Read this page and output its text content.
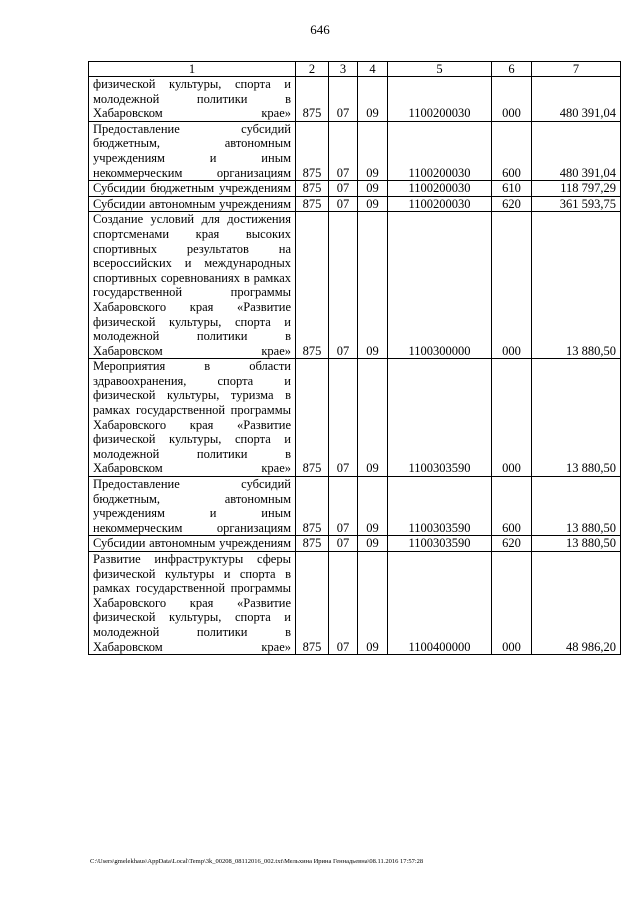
646
1	2	3	4	5	6	7
физической культуры, спорта и молодежной политики в Хабаровском крае»	875	07	09	1100200030	000	480 391,04
Предоставление субсидий бюджетным, автономным учреждениям и иным некоммерческим организациям	875	07	09	1100200030	600	480 391,04
Субсидии бюджетным учреждениям	875	07	09	1100200030	610	118 797,29
Субсидии автономным учреждениям	875	07	09	1100200030	620	361 593,75
Создание условий для достижения спортсменами края высоких спортивных результатов на всероссийских и международных спортивных соревнованиях в рамках государственной программы Хабаровского края «Развитие физической культуры, спорта и молодежной политики в Хабаровском крае»	875	07	09	1100300000	000	13 880,50
Мероприятия в области здравоохранения, спорта и физической культуры, туризма в рамках государственной программы Хабаровского края «Развитие физической культуры, спорта и молодежной политики в Хабаровском крае»	875	07	09	1100303590	000	13 880,50
Предоставление субсидий бюджетным, автономным учреждениям и иным некоммерческим организациям	875	07	09	1100303590	600	13 880,50
Субсидии автономным учреждениям	875	07	09	1100303590	620	13 880,50
Развитие инфраструктуры сферы физической культуры и спорта в рамках государственной программы Хабаровского края «Развитие физической культуры, спорта и молодежной политики в Хабаровском крае»	875	07	09	1100400000	000	48 986,20
C:\Users\gmelekhaus\AppData\Local\Temp\3k_00208_08112016_002.txt\Мельхина Ирина Геннадьевна\08.11.2016 17:57:28
